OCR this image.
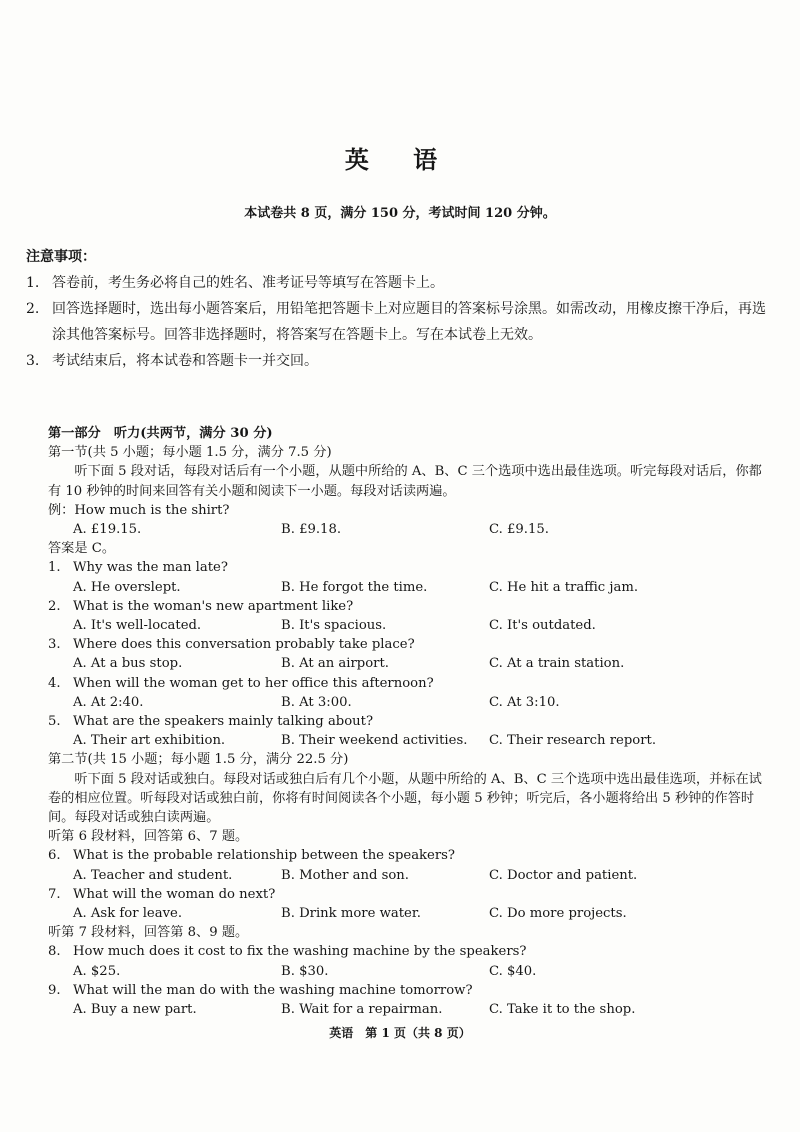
英 语
本试卷共 8 页，满分 150 分，考试时间 120 分钟。
注意事项：
1. 答卷前，考生务必将自己的姓名、准考证号等填写在答题卡上。
2. 回答选择题时，选出每小题答案后，用铅笔把答题卡上对应题目的答案标号涂黑。如需改动，用橡皮擦干净后，再选涂其他答案标号。回答非选择题时，将答案写在答题卡上。写在本试卷上无效。
3. 考试结束后，将本试卷和答题卡一并交回。
第一部分　听力(共两节，满分 30 分)
第一节(共 5 小题；每小题 1.5 分，满分 7.5 分)
听下面 5 段对话，每段对话后有一个小题，从题中所给的 A、B、C 三个选项中选出最佳选项。听完每段对话后，你都有 10 秒钟的时间来回答有关小题和阅读下一小题。每段对话读两遍。
例：How much is the shirt?
A. £19.15.	B. £9.18.	C. £9.15.
答案是 C。
1. Why was the man late?
A. He overslept.	B. He forgot the time.	C. He hit a traffic jam.
2. What is the woman's new apartment like?
A. It's well-located.	B. It's spacious.	C. It's outdated.
3. Where does this conversation probably take place?
A. At a bus stop.	B. At an airport.	C. At a train station.
4. When will the woman get to her office this afternoon?
A. At 2:40.	B. At 3:00.	C. At 3:10.
5. What are the speakers mainly talking about?
A. Their art exhibition.	B. Their weekend activities.	C. Their research report.
第二节(共 15 小题；每小题 1.5 分，满分 22.5 分)
听下面 5 段对话或独白。每段对话或独白后有几个小题，从题中所给的 A、B、C 三个选项中选出最佳选项，并标在试卷的相应位置。听每段对话或独白前，你将有时间阅读各个小题，每小题 5 秒钟；听完后，各小题将给出 5 秒钟的作答时间。每段对话或独白读两遍。
听第 6 段材料，回答第 6、7 题。
6. What is the probable relationship between the speakers?
A. Teacher and student.	B. Mother and son.	C. Doctor and patient.
7. What will the woman do next?
A. Ask for leave.	B. Drink more water.	C. Do more projects.
听第 7 段材料，回答第 8、9 题。
8. How much does it cost to fix the washing machine by the speakers?
A. $25.	B. $30.	C. $40.
9. What will the man do with the washing machine tomorrow?
A. Buy a new part.	B. Wait for a repairman.	C. Take it to the shop.
英语　第 1 页（共 8 页）
